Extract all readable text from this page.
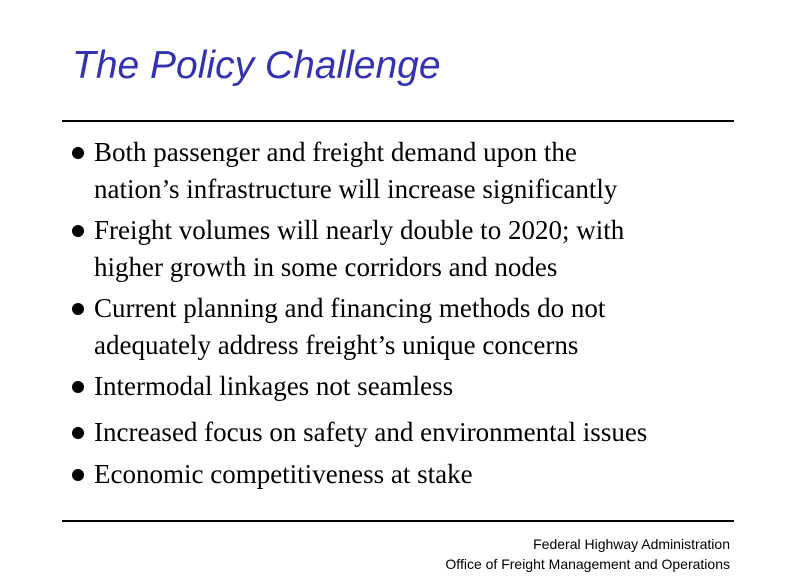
The Policy Challenge
Both passenger and freight demand upon the
nation’s infrastructure will increase significantly
Freight volumes will nearly double to 2020; with
higher growth in some corridors and nodes
Current planning and financing methods do not
adequately address freight’s unique concerns
Intermodal linkages not seamless
Increased focus on safety and environmental issues
Economic competitiveness at stake
Federal Highway Administration
Office of Freight Management and Operations
